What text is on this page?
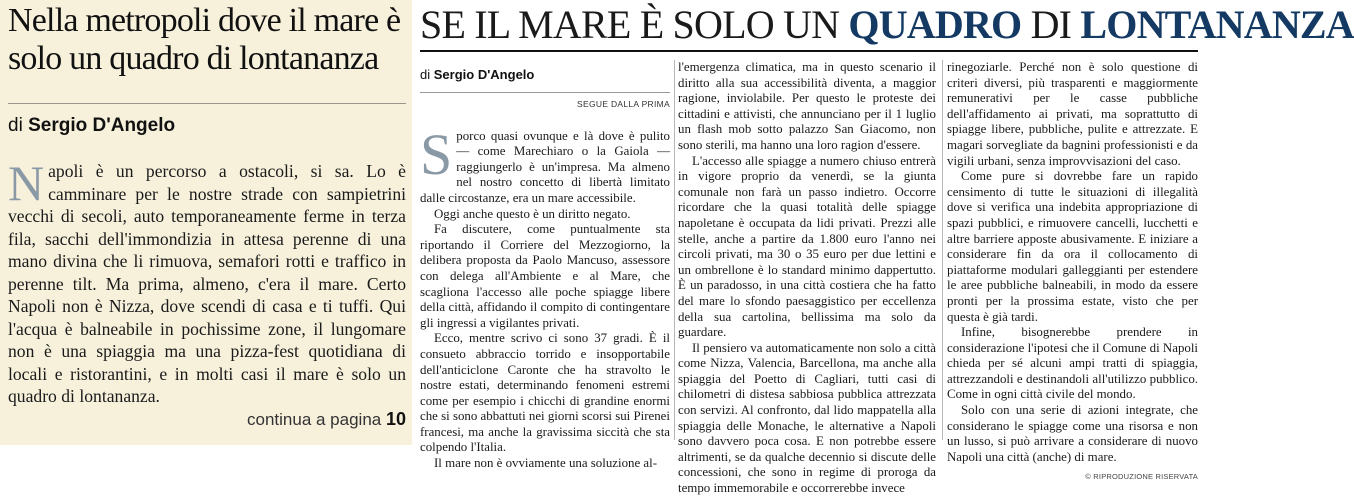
Nella metropoli dove il mare è solo un quadro di lontananza
di Sergio D'Angelo

Napoli è un percorso a ostacoli, si sa. Lo è camminare per le nostre strade con sampietrini vecchi di secoli, auto temporaneamente ferme in terza fila, sacchi dell'immondizia in attesa perenne di una mano divina che li rimuova, semafori rotti e traffico in perenne tilt. Ma prima, almeno, c'era il mare. Certo Napoli non è Nizza, dove scendi di casa e ti tuffi. Qui l'acqua è balneabile in pochissime zone, il lungomare non è una spiaggia ma una pizza-fest quotidiana di locali e ristorantini, e in molti casi il mare è solo un quadro di lontananza.

continua a pagina 10
SE IL MARE È SOLO UN QUADRO DI LONTANANZA
di Sergio D'Angelo
SEGUE DALLA PRIMA

Sporco quasi ovunque e là dove è pulito — come Marechiaro o la Gaiola — raggiungerlo è un'impresa. Ma almeno nel nostro concetto di libertà limitato dalle circostanze, era un mare accessibile.

Oggi anche questo è un diritto negato.

Fa discutere, come puntualmente sta riportando il Corriere del Mezzogiorno, la delibera proposta da Paolo Mancuso, assessore con delega all'Ambiente e al Mare, che scagliona l'accesso alle poche spiagge libere della città, affidando il compito di contingentare gli ingressi a vigilantes privati.

Ecco, mentre scrivo ci sono 37 gradi. È il consueto abbraccio torrido e insopportabile dell'anticiclone Caronte che ha stravolto le nostre estati, determinando fenomeni estremi come per esempio i chicchi di grandine enormi che si sono abbattuti nei giorni scorsi sui Pirenei francesi, ma anche la gravissima siccità che sta colpendo l'Italia.

Il mare non è ovviamente una soluzione al-

l'emergenza climatica, ma in questo scenario il diritto alla sua accessibilità diventa, a maggior ragione, inviolabile. Per questo le proteste dei cittadini e attivisti, che annunciano per il 1 luglio un flash mob sotto palazzo San Giacomo, non sono sterili, ma hanno una loro ragion d'essere.

L'accesso alle spiagge a numero chiuso entrerà in vigore proprio da venerdì, se la giunta comunale non farà un passo indietro. Occorre ricordare che la quasi totalità delle spiagge napoletane è occupata da lidi privati. Prezzi alle stelle, anche a partire da 1.800 euro l'anno nei circoli privati, ma 30 o 35 euro per due lettini e un ombrellone è lo standard minimo dappertutto. È un paradosso, in una città costiera che ha fatto del mare lo sfondo paesaggistico per eccellenza della sua cartolina, bellissima ma solo da guardare.

Il pensiero va automaticamente non solo a città come Nizza, Valencia, Barcellona, ma anche alla spiaggia del Poetto di Cagliari, tutti casi di chilometri di distesa sabbiosa pubblica attrezzata con servizi. Al confronto, dal lido mappatella alla spiaggia delle Monache, le alternative a Napoli sono davvero poca cosa. E non potrebbe essere altrimenti, se da qualche decennio si discute delle concessioni, che sono in regime di proroga da tempo immemorabile e occorrerebbe invece

rinegoziarle. Perché non è solo questione di criteri diversi, più trasparenti e maggiormente remunerativi per le casse pubbliche dell'affidamento ai privati, ma soprattutto di spiagge libere, pubbliche, pulite e attrezzate. E magari sorvegliate da bagnini professionisti e da vigili urbani, senza improvvisazioni del caso.

Come pure si dovrebbe fare un rapido censimento di tutte le situazioni di illegalità dove si verifica una indebita appropriazione di spazi pubblici, e rimuovere cancelli, lucchetti e altre barriere apposte abusivamente. E iniziare a considerare fin da ora il collocamento di piattaforme modulari galleggianti per estendere le aree pubbliche balneabili, in modo da essere pronti per la prossima estate, visto che per questa è già tardi.

Infine, bisognerebbe prendere in considerazione l'ipotesi che il Comune di Napoli chieda per sé alcuni ampi tratti di spiaggia, attrezzandoli e destinandoli all'utilizzo pubblico. Come in ogni città civile del mondo.

Solo con una serie di azioni integrate, che considerano le spiagge come una risorsa e non un lusso, si può arrivare a considerare di nuovo Napoli una città (anche) di mare.

© RIPRODUZIONE RISERVATA
